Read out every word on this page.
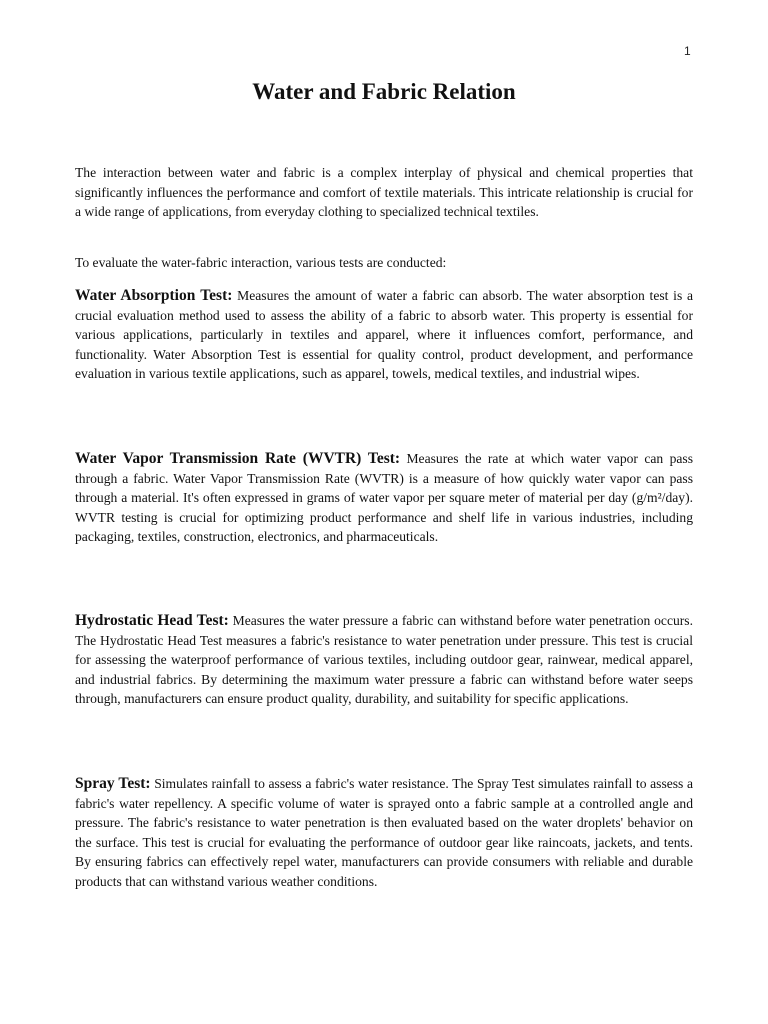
1
Water and Fabric Relation

The interaction between water and fabric is a complex interplay of physical and chemical properties that significantly influences the performance and comfort of textile materials. This intricate relationship is crucial for a wide range of applications, from everyday clothing to specialized technical textiles.

To evaluate the water-fabric interaction, various tests are conducted:

Water Absorption Test: Measures the amount of water a fabric can absorb. The water absorption test is a crucial evaluation method used to assess the ability of a fabric to absorb water. This property is essential for various applications, particularly in textiles and apparel, where it influences comfort, performance, and functionality. Water Absorption Test is essential for quality control, product development, and performance evaluation in various textile applications, such as apparel, towels, medical textiles, and industrial wipes.

Water Vapor Transmission Rate (WVTR) Test: Measures the rate at which water vapor can pass through a fabric. Water Vapor Transmission Rate (WVTR) is a measure of how quickly water vapor can pass through a material. It's often expressed in grams of water vapor per square meter of material per day (g/m²/day). WVTR testing is crucial for optimizing product performance and shelf life in various industries, including packaging, textiles, construction, electronics, and pharmaceuticals.

Hydrostatic Head Test: Measures the water pressure a fabric can withstand before water penetration occurs. The Hydrostatic Head Test measures a fabric's resistance to water penetration under pressure. This test is crucial for assessing the waterproof performance of various textiles, including outdoor gear, rainwear, medical apparel, and industrial fabrics. By determining the maximum water pressure a fabric can withstand before water seeps through, manufacturers can ensure product quality, durability, and suitability for specific applications.

Spray Test: Simulates rainfall to assess a fabric's water resistance. The Spray Test simulates rainfall to assess a fabric's water repellency. A specific volume of water is sprayed onto a fabric sample at a controlled angle and pressure. The fabric's resistance to water penetration is then evaluated based on the water droplets' behavior on the surface. This test is crucial for evaluating the performance of outdoor gear like raincoats, jackets, and tents. By ensuring fabrics can effectively repel water, manufacturers can provide consumers with reliable and durable products that can withstand various weather conditions.
